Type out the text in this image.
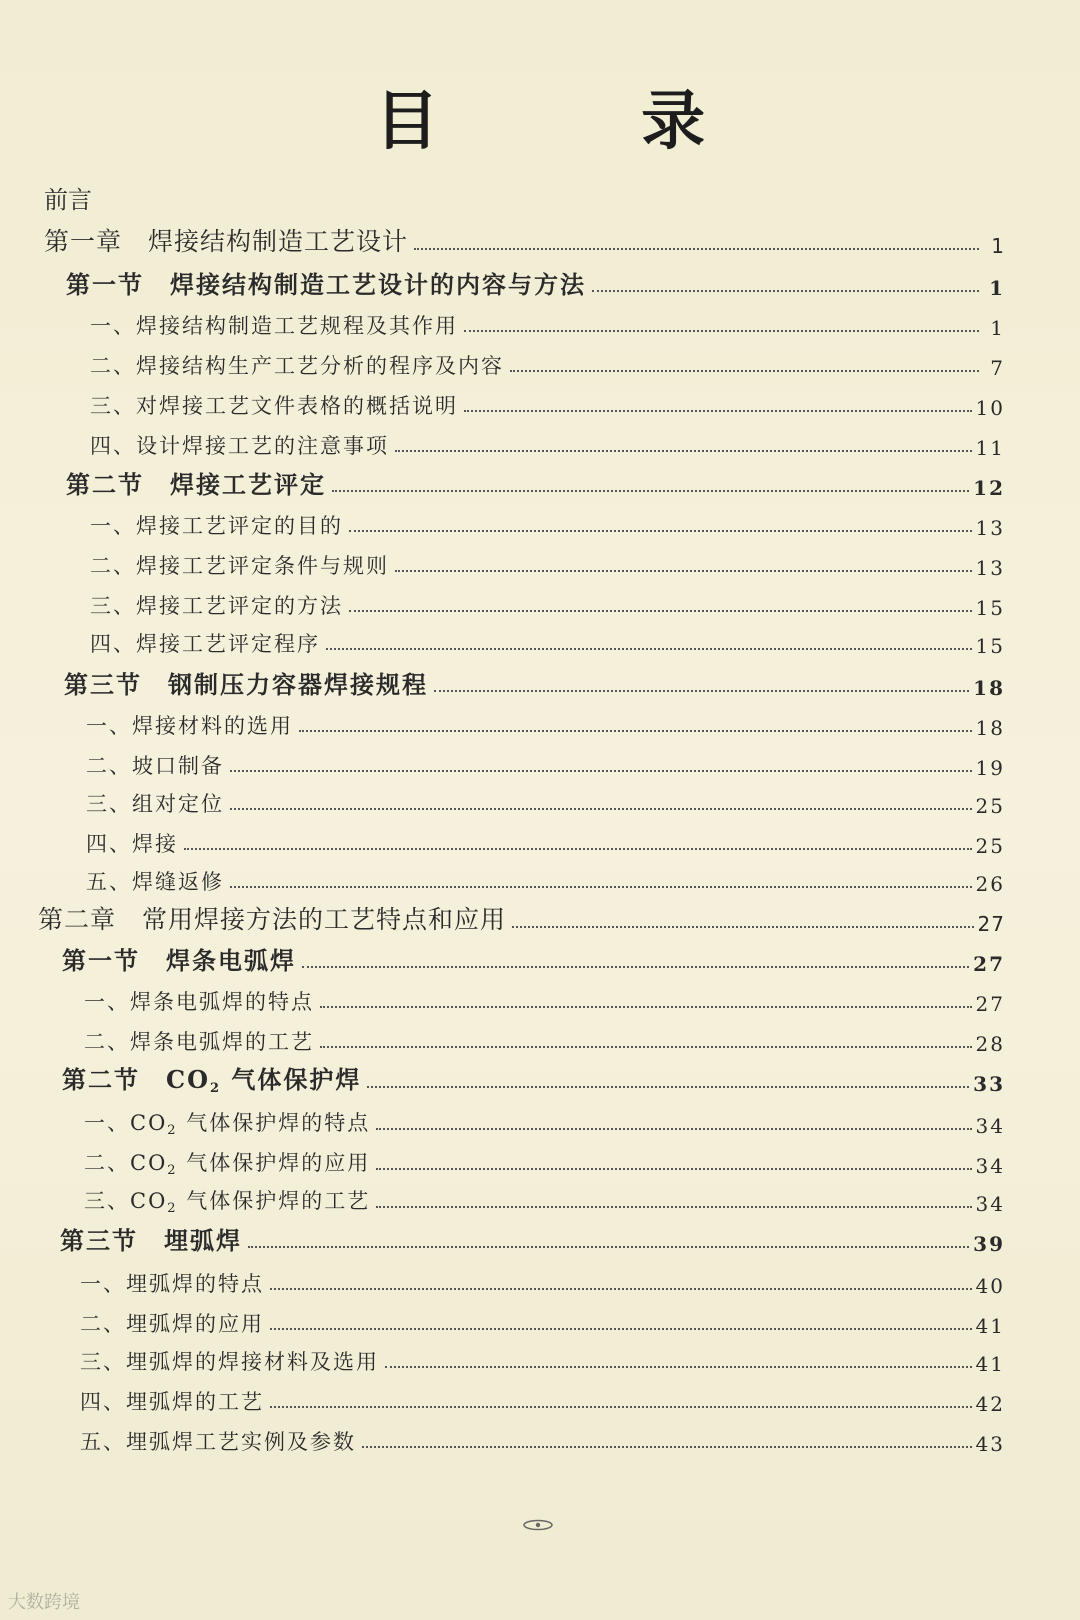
目 录
前言
第一章　焊接结构制造工艺设计	1
第一节　焊接结构制造工艺设计的内容与方法	1
一、焊接结构制造工艺规程及其作用	1
二、焊接结构生产工艺分析的程序及内容	7
三、对焊接工艺文件表格的概括说明	10
四、设计焊接工艺的注意事项	11
第二节　焊接工艺评定	12
一、焊接工艺评定的目的	13
二、焊接工艺评定条件与规则	13
三、焊接工艺评定的方法	15
四、焊接工艺评定程序	15
第三节　钢制压力容器焊接规程	18
一、焊接材料的选用	18
二、坡口制备	19
三、组对定位	25
四、焊接	25
五、焊缝返修	26
第二章　常用焊接方法的工艺特点和应用	27
第一节　焊条电弧焊	27
一、焊条电弧焊的特点	27
二、焊条电弧焊的工艺	28
第二节　$CO_2$ 气体保护焊	33
一、$CO_2$ 气体保护焊的特点	34
二、$CO_2$ 气体保护焊的应用	34
三、$CO_2$ 气体保护焊的工艺	34
第三节　埋弧焊	39
一、埋弧焊的特点	40
二、埋弧焊的应用	41
三、埋弧焊的焊接材料及选用	41
四、埋弧焊的工艺	42
五、埋弧焊工艺实例及参数	43
大数跨境
